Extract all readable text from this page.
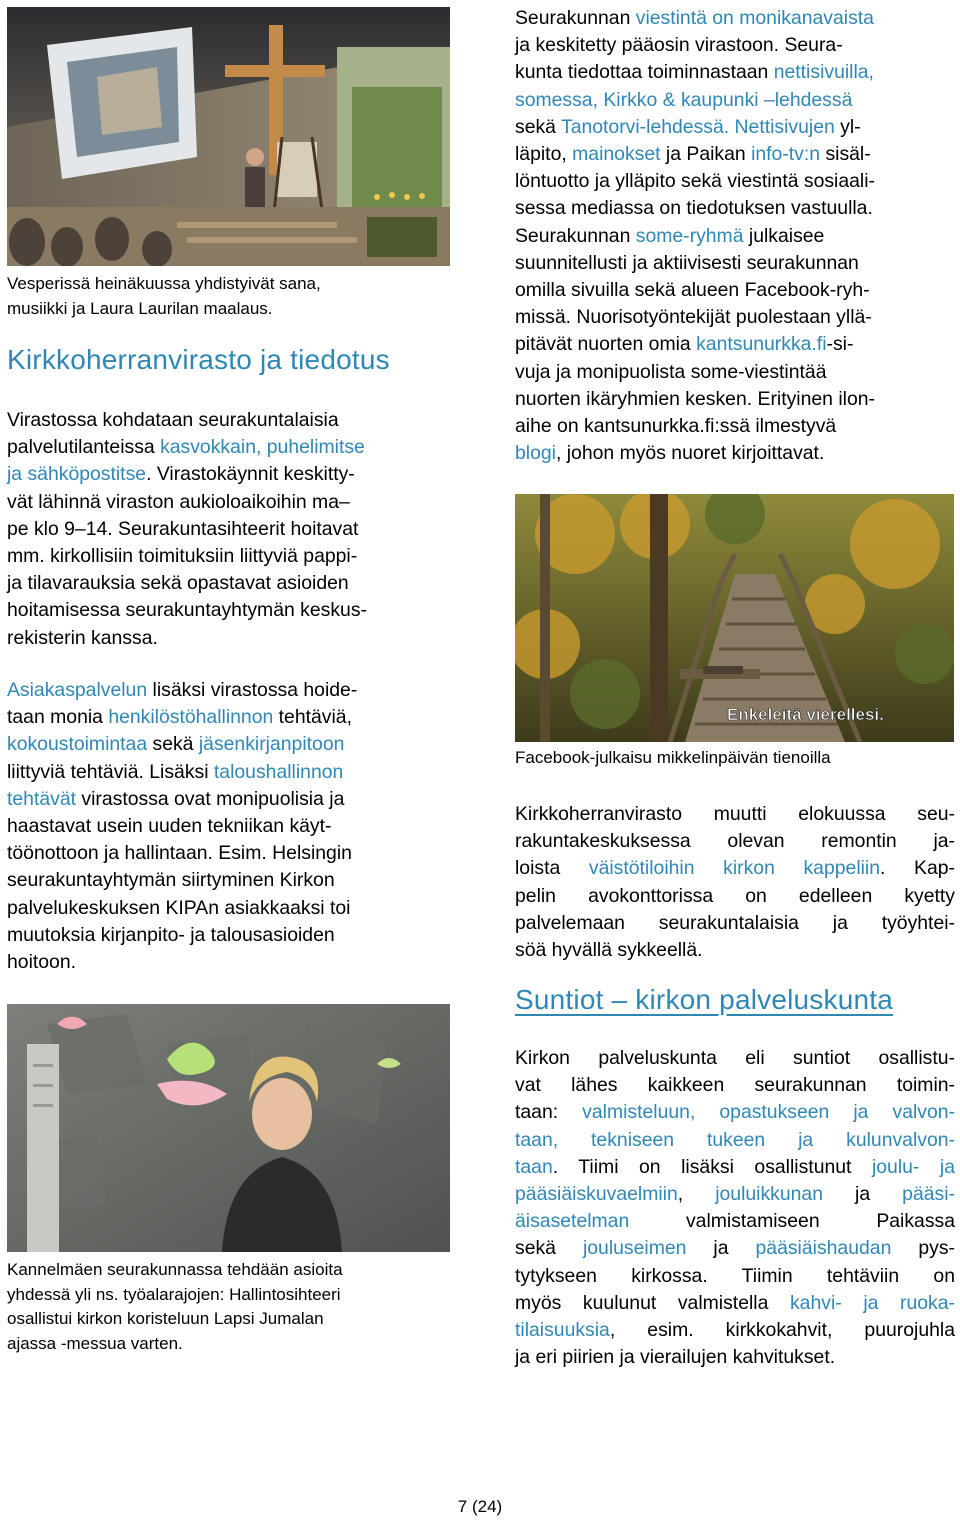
Vesperissä heinäkuussa yhdistyivät sana,
musiikki ja Laura Laurilan maalaus.

Kirkkoherranvirasto ja tiedotus
Virastossa kohdataan seurakuntalaisia
palvelutilanteissa kasvokkain, puhelimitse
ja sähköpostitse. Virastokäynnit keskitty-
vät lähinnä viraston aukioloaikoihin ma–
pe klo 9–14. Seurakuntasihteerit hoitavat
mm. kirkollisiin toimituksiin liittyviä pappi-
ja tilavarauksia sekä opastavat asioiden
hoitamisessa seurakuntayhtymän keskus-
rekisterin kanssa.
Asiakaspalvelun lisäksi virastossa hoide-
taan monia henkilöstöhallinnon tehtäviä,
kokoustoimintaa sekä jäsenkirjanpitoon
liittyviä tehtäviä. Lisäksi taloushallinnon
tehtävät virastossa ovat monipuolisia ja
haastavat usein uuden tekniikan käyt-
töönottoon ja hallintaan. Esim. Helsingin
seurakuntayhtymän siirtyminen Kirkon
palvelukeskuksen KIPAn asiakkaaksi toi
muutoksia kirjanpito- ja talousasioiden
hoitoon.
Kannelmäen seurakunnassa tehdään asioita
yhdessä yli ns. työalarajojen: Hallintosihteeri
osallistui kirkon koristeluun Lapsi Jumalan
ajassa -messua varten.
Seurakunnan viestintä on monikanavaista
ja keskitetty pääosin virastoon. Seura-
kunta tiedottaa toiminnastaan nettisivuilla,
somessa, Kirkko & kaupunki –lehdessä
sekä Tanotorvi-lehdessä. Nettisivujen yl-
läpito, mainokset ja Paikan info-tv:n sisäl-
löntuotto ja ylläpito sekä viestintä sosiaali-
sessa mediassa on tiedotuksen vastuulla.
Seurakunnan some-ryhmä julkaisee
suunnitellusti ja aktiivisesti seurakunnan
omilla sivuilla sekä alueen Facebook-ryh-
missä. Nuorisotyöntekijät puolestaan yllä-
pitävät nuorten omia kantsunurkka.fi-si-
vuja ja monipuolista some-viestintää
nuorten ikäryhmien kesken. Erityinen ilon-
aihe on kantsunurkka.fi:ssä ilmestyvä
blogi, johon myös nuoret kirjoittavat.
Enkeleitä vierellesi.

Facebook-julkaisu mikkelinpäivän tienoilla

Kirkkoherranvirasto muutti elokuussa seu-
rakuntakeskuksessa olevan remontin ja-
loista väistötiloihin kirkon kappeliin. Kap-
pelin avokonttorissa on edelleen kyetty
palvelemaan seurakuntalaisia ja työyhtei-
söä hyvällä sykkeellä.
Suntiot – kirkon palveluskunta
Kirkon palveluskunta eli suntiot osallistu-
vat lähes kaikkeen seurakunnan toimin-
taan: valmisteluun, opastukseen ja valvon-
taan, tekniseen tukeen ja kulunvalvon-
taan. Tiimi on lisäksi osallistunut joulu- ja
pääsiäiskuvaelmiin, jouluikkunan ja pääsi-
äisasetelman valmistamiseen Paikassa
sekä jouluseimen ja pääsiäishaudan pys-
tytykseen kirkossa. Tiimin tehtäviin on
myös kuulunut valmistella kahvi- ja ruoka-
tilaisuuksia, esim. kirkkokahvit, puurojuhla
ja eri piirien ja vierailujen kahvitukset.
7 (24)
